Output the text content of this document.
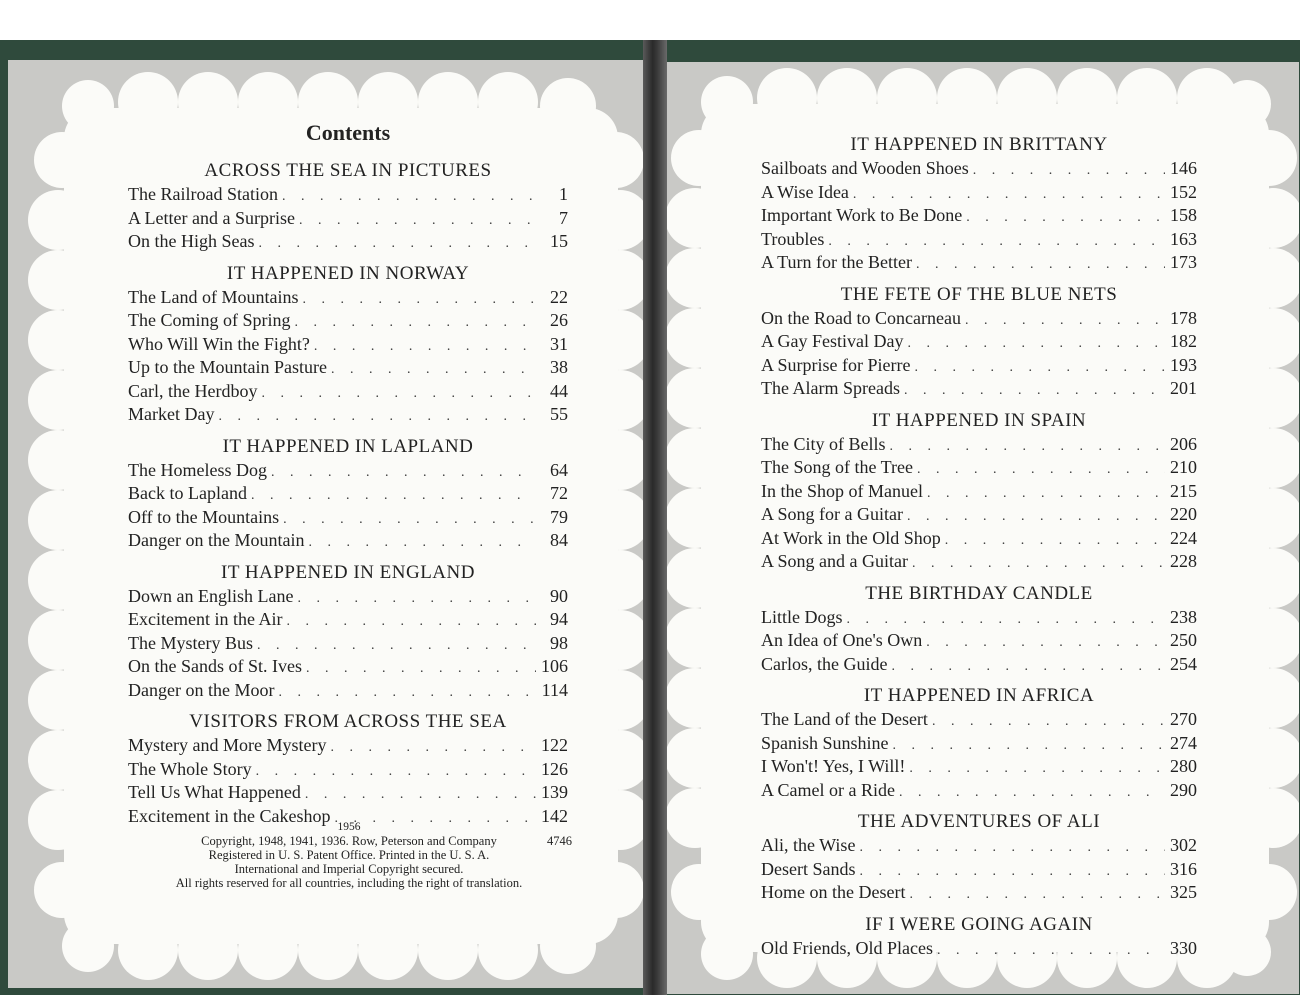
Contents
ACROSS THE SEA IN PICTURES
The Railroad Station . . .	1
A Letter and a Surprise . . .	7
On the High Seas . . .	15
IT HAPPENED IN NORWAY
The Land of Mountains . . .	22
The Coming of Spring . . .	26
Who Will Win the Fight? . . .	31
Up to the Mountain Pasture . . .	38
Carl, the Herdboy . . .	44
Market Day . . .	55
IT HAPPENED IN LAPLAND
The Homeless Dog . . .	64
Back to Lapland . . .	72
Off to the Mountains . . .	79
Danger on the Mountain . . .	84
IT HAPPENED IN ENGLAND
Down an English Lane . . .	90
Excitement in the Air . . .	94
The Mystery Bus . . .	98
On the Sands of St. Ives . . .	106
Danger on the Moor . . .	114
VISITORS FROM ACROSS THE SEA
Mystery and More Mystery . . .	122
The Whole Story . . .	126
Tell Us What Happened . . .	139
Excitement in the Cakeshop . . .	142
1956
Copyright, 1948, 1941, 1936. Row, Peterson and Company	4746
Registered in U. S. Patent Office. Printed in the U. S. A.
International and Imperial Copyright secured.
All rights reserved for all countries, including the right of translation.
IT HAPPENED IN BRITTANY
Sailboats and Wooden Shoes . . .	146
A Wise Idea . . .	152
Important Work to Be Done . . .	158
Troubles . . .	163
A Turn for the Better . . .	173
THE FETE OF THE BLUE NETS
On the Road to Concarneau . . .	178
A Gay Festival Day . . .	182
A Surprise for Pierre . . .	193
The Alarm Spreads . . .	201
IT HAPPENED IN SPAIN
The City of Bells . . .	206
The Song of the Tree . . .	210
In the Shop of Manuel . . .	215
A Song for a Guitar . . .	220
At Work in the Old Shop . . .	224
A Song and a Guitar . . .	228
THE BIRTHDAY CANDLE
Little Dogs . . .	238
An Idea of One's Own . . .	250
Carlos, the Guide . . .	254
IT HAPPENED IN AFRICA
The Land of the Desert . . .	270
Spanish Sunshine . . .	274
I Won't! Yes, I Will! . . .	280
A Camel or a Ride . . .	290
THE ADVENTURES OF ALI
Ali, the Wise . . .	302
Desert Sands . . .	316
Home on the Desert . . .	325
IF I WERE GOING AGAIN
Old Friends, Old Places . . .	330
